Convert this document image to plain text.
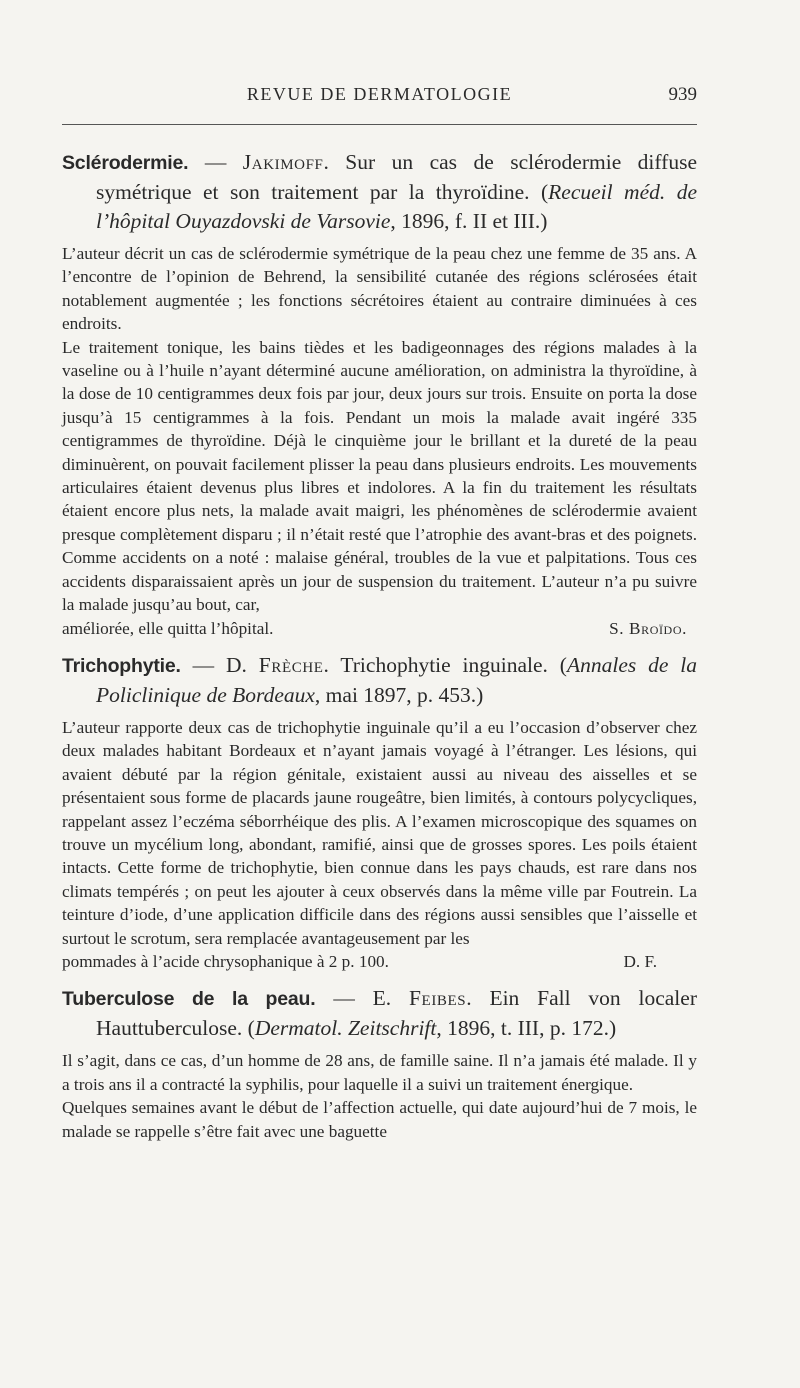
REVUE DE DERMATOLOGIE	939
Sclérodermie. — Jakimoff. Sur un cas de sclérodermie diffuse symétrique et son traitement par la thyroïdine. (Recueil méd. de l’hôpital Ouyazdovski de Varsovie, 1896, f. II et III.)

L’auteur décrit un cas de sclérodermie symétrique de la peau chez une femme de 35 ans. A l’encontre de l’opinion de Behrend, la sensibilité cutanée des régions sclérosées était notablement augmentée ; les fonctions sécrétoires étaient au contraire diminuées à ces endroits.

Le traitement tonique, les bains tièdes et les badigeonnages des régions malades à la vaseline ou à l’huile n’ayant déterminé aucune amélioration, on administra la thyroïdine, à la dose de 10 centigrammes deux fois par jour, deux jours sur trois. Ensuite on porta la dose jusqu’à 15 centigrammes à la fois. Pendant un mois la malade avait ingéré 335 centigrammes de thyroïdine. Déjà le cinquième jour le brillant et la dureté de la peau diminuèrent, on pouvait facilement plisser la peau dans plusieurs endroits. Les mouvements articulaires étaient devenus plus libres et indolores. A la fin du traitement les résultats étaient encore plus nets, la malade avait maigri, les phénomènes de sclérodermie avaient presque complètement disparu ; il n’était resté que l’atrophie des avant-bras et des poignets. Comme accidents on a noté : malaise général, troubles de la vue et palpitations. Tous ces accidents disparaissaient après un jour de suspension du traitement. L’auteur n’a pu suivre la malade jusqu’au bout, car,

améliorée, elle quitta l’hôpital.	S. Broïdo.

Trichophytie. — D. Frèche. Trichophytie inguinale. (Annales de la Policlinique de Bordeaux, mai 1897, p. 453.)

L’auteur rapporte deux cas de trichophytie inguinale qu’il a eu l’occasion d’observer chez deux malades habitant Bordeaux et n’ayant jamais voyagé à l’étranger. Les lésions, qui avaient débuté par la région génitale, existaient aussi au niveau des aisselles et se présentaient sous forme de placards jaune rougeâtre, bien limités, à contours polycycliques, rappelant assez l’eczéma séborrhéique des plis. A l’examen microscopique des squames on trouve un mycélium long, abondant, ramifié, ainsi que de grosses spores. Les poils étaient intacts. Cette forme de trichophytie, bien connue dans les pays chauds, est rare dans nos climats tempérés ; on peut les ajouter à ceux observés dans la même ville par Foutrein. La teinture d’iode, d’une application difficile dans des régions aussi sensibles que l’aisselle et surtout le scrotum, sera remplacée avantageusement par les

pommades à l’acide chrysophanique à 2 p. 100.	D. F.

Tuberculose de la peau. — E. Feibes. Ein Fall von localer Hauttuberculose. (Dermatol. Zeitschrift, 1896, t. III, p. 172.)

Il s’agit, dans ce cas, d’un homme de 28 ans, de famille saine. Il n’a jamais été malade. Il y a trois ans il a contracté la syphilis, pour laquelle il a suivi un traitement énergique.

Quelques semaines avant le début de l’affection actuelle, qui date aujourd’hui de 7 mois, le malade se rappelle s’être fait avec une baguette
